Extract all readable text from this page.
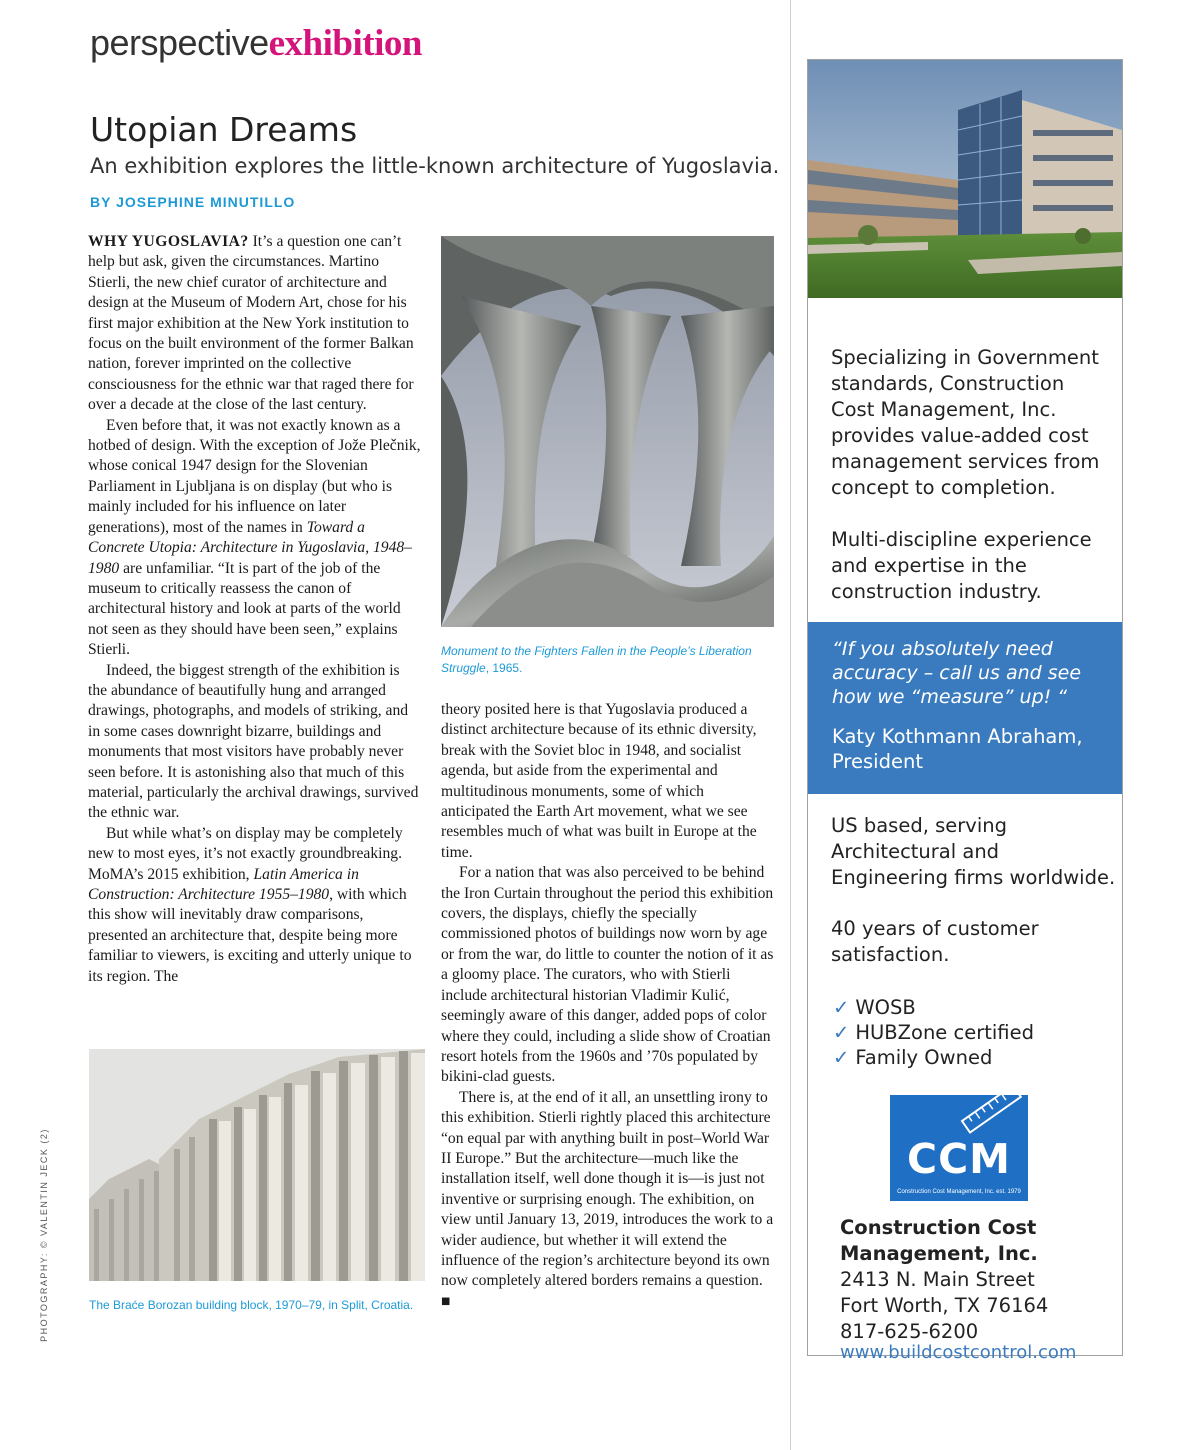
perspectiveexhibition
Utopian Dreams
An exhibition explores the little-known architecture of Yugoslavia.
BY JOSEPHINE MINUTILLO

WHY YUGOSLAVIA? It’s a question one can’t help but ask, given the circumstances. Martino Stierli, the new chief curator of architecture and design at the Museum of Modern Art, chose for his first major exhibition at the New York institution to focus on the built environment of the former Balkan nation, forever imprinted on the collective consciousness for the ethnic war that raged there for over a decade at the close of the last century.

Even before that, it was not exactly known as a hotbed of design. With the exception of Jože Plečnik, whose conical 1947 design for the Slovenian Parliament in Ljubljana is on display (but who is mainly included for his influence on later generations), most of the names in Toward a Concrete Utopia: Architecture in Yugoslavia, 1948–1980 are unfamiliar. “It is part of the job of the museum to critically reassess the canon of architectural history and look at parts of the world not seen as they should have been seen,” explains Stierli.

Indeed, the biggest strength of the exhibition is the abundance of beautifully hung and arranged drawings, photographs, and models of striking, and in some cases downright bizarre, buildings and monuments that most visitors have probably never seen before. It is astonishing also that much of this material, particularly the archival drawings, survived the ethnic war.

But while what’s on display may be completely new to most eyes, it’s not exactly groundbreaking. MoMA’s 2015 exhibition, Latin America in Construction: Architecture 1955–1980, with which this show will inevitably draw comparisons, presented an architecture that, despite being more familiar to viewers, is exciting and utterly unique to its region. The

Monument to the Fighters Fallen in the People’s Liberation Struggle, 1965.

theory posited here is that Yugoslavia produced a distinct architecture because of its ethnic diversity, break with the Soviet bloc in 1948, and socialist agenda, but aside from the experimental and multitudinous monuments, some of which anticipated the Earth Art movement, what we see resembles much of what was built in Europe at the time.

For a nation that was also perceived to be behind the Iron Curtain throughout the period this exhibition covers, the displays, chiefly the specially commissioned photos of buildings now worn by age or from the war, do little to counter the notion of it as a gloomy place. The curators, who with Stierli include architectural historian Vladimir Kulić, seemingly aware of this danger, added pops of color where they could, including a slide show of Croatian resort hotels from the 1960s and ’70s populated by bikini-clad guests.

There is, at the end of it all, an unsettling irony to this exhibition. Stierli rightly placed this architecture “on equal par with anything built in post–World War II Europe.” But the architecture—much like the installation itself, well done though it is—is just not inventive or surprising enough. The exhibition, on view until January 13, 2019, introduces the work to a wider audience, but whether it will extend the influence of the region’s architecture beyond its own now completely altered borders remains a question. ■

The Braće Borozan building block, 1970–79, in Split, Croatia.
PHOTOGRAPHY: © VALENTIN JECK (2)
Specializing in Government standards, Construction Cost Management, Inc. provides value-added cost management services from concept to completion.
Multi-discipline experience and expertise in the construction industry.
“If you absolutely need accuracy – call us and see how we “measure” up! “
Katy Kothmann Abraham, President
US based, serving Architectural and Engineering firms worldwide.
40 years of customer satisfaction.
✓ WOSB
✓ HUBZone certified
✓ Family Owned
CCM
Construction Cost Management, Inc. est. 1979
Construction Cost
Management, Inc.
2413 N. Main Street
Fort Worth, TX 76164
817-625-6200
www.buildcostcontrol.com
